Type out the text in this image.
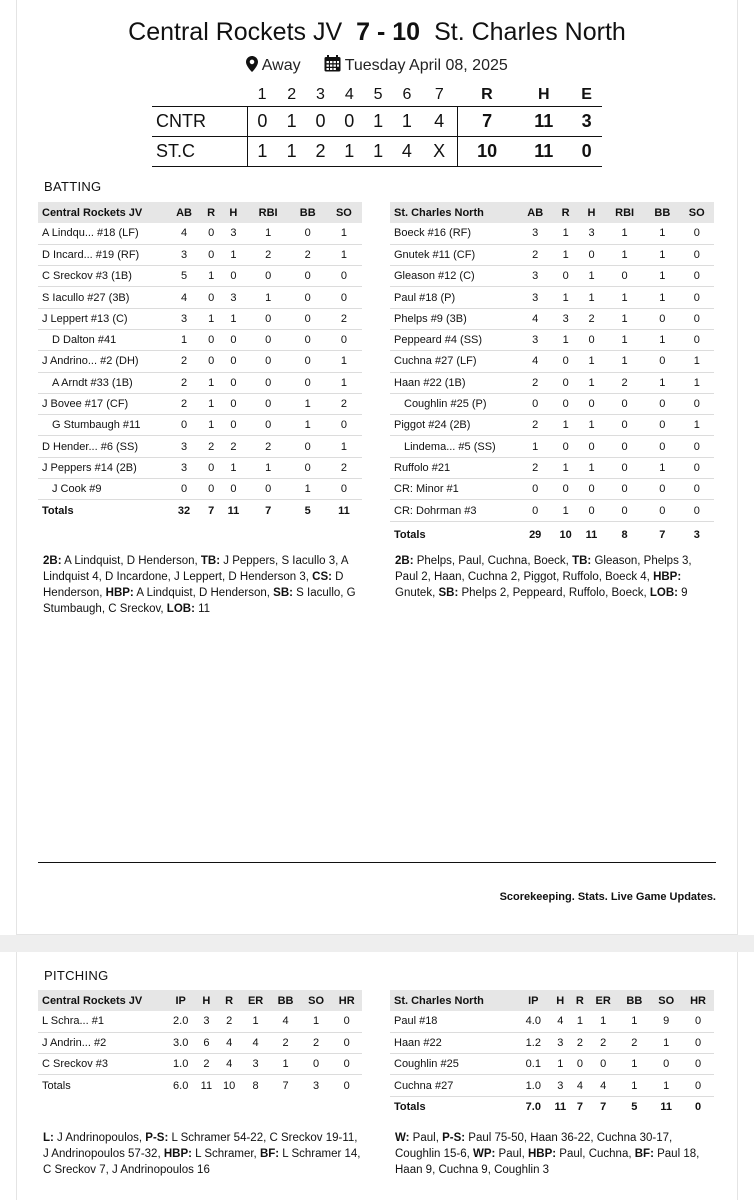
Central Rockets JV 7 - 10 St. Charles North
Away	Tuesday April 08, 2025
	1	2	3	4	5	6	7	R	H	E
CNTR	0	1	0	0	1	1	4	7	11	3
ST.C	1	1	2	1	1	4	X	10	11	0
BATTING
Central Rockets JV	AB	R	H	RBI	BB	SO
A Lindqu... #18 (LF)	4	0	3	1	0	1
D Incard... #19 (RF)	3	0	1	2	2	1
C Sreckov #3 (1B)	5	1	0	0	0	0
S Iacullo #27 (3B)	4	0	3	1	0	0
J Leppert #13 (C)	3	1	1	0	0	2
D Dalton #41	1	0	0	0	0	0
J Andrino... #2 (DH)	2	0	0	0	0	1
A Arndt #33 (1B)	2	1	0	0	0	1
J Bovee #17 (CF)	2	1	0	0	1	2
G Stumbaugh #11	0	1	0	0	1	0
D Hender... #6 (SS)	3	2	2	2	0	1
J Peppers #14 (2B)	3	0	1	1	0	2
J Cook #9	0	0	0	0	1	0
Totals	32	7	11	7	5	11
St. Charles North	AB	R	H	RBI	BB	SO
Boeck #16 (RF)	3	1	3	1	1	0
Gnutek #11 (CF)	2	1	0	1	1	0
Gleason #12 (C)	3	0	1	0	1	0
Paul #18 (P)	3	1	1	1	1	0
Phelps #9 (3B)	4	3	2	1	0	0
Peppeard #4 (SS)	3	1	0	1	1	0
Cuchna #27 (LF)	4	0	1	1	0	1
Haan #22 (1B)	2	0	1	2	1	1
Coughlin #25 (P)	0	0	0	0	0	0
Piggot #24 (2B)	2	1	1	0	0	1
Lindema... #5 (SS)	1	0	0	0	0	0
Ruffolo #21	2	1	1	0	1	0
CR: Minor #1	0	0	0	0	0	0
CR: Dohrman #3	0	1	0	0	0	0
Totals	29	10	11	8	7	3
2B: A Lindquist, D Henderson, TB: J Peppers, S Iacullo 3, A Lindquist 4, D Incardone, J Leppert, D Henderson 3, CS: D Henderson, HBP: A Lindquist, D Henderson, SB: S Iacullo, G Stumbaugh, C Sreckov, LOB: 11
2B: Phelps, Paul, Cuchna, Boeck, TB: Gleason, Phelps 3, Paul 2, Haan, Cuchna 2, Piggot, Ruffolo, Boeck 4, HBP: Gnutek, SB: Phelps 2, Peppeard, Ruffolo, Boeck, LOB: 9
Scorekeeping. Stats. Live Game Updates.
PITCHING
Central Rockets JV	IP	H	R	ER	BB	SO	HR
L Schra... #1	2.0	3	2	1	4	1	0
J Andrin... #2	3.0	6	4	4	2	2	0
C Sreckov #3	1.0	2	4	3	1	0	0
Totals	6.0	11	10	8	7	3	0
St. Charles North	IP	H	R	ER	BB	SO	HR
Paul #18	4.0	4	1	1	1	9	0
Haan #22	1.2	3	2	2	2	1	0
Coughlin #25	0.1	1	0	0	1	0	0
Cuchna #27	1.0	3	4	4	1	1	0
Totals	7.0	11	7	7	5	11	0
L: J Andrinopoulos, P-S: L Schramer 54-22, C Sreckov 19-11, J Andrinopoulos 57-32, HBP: L Schramer, BF: L Schramer 14, C Sreckov 7, J Andrinopoulos 16
W: Paul, P-S: Paul 75-50, Haan 36-22, Cuchna 30-17, Coughlin 15-6, WP: Paul, HBP: Paul, Cuchna, BF: Paul 18, Haan 9, Cuchna 9, Coughlin 3
